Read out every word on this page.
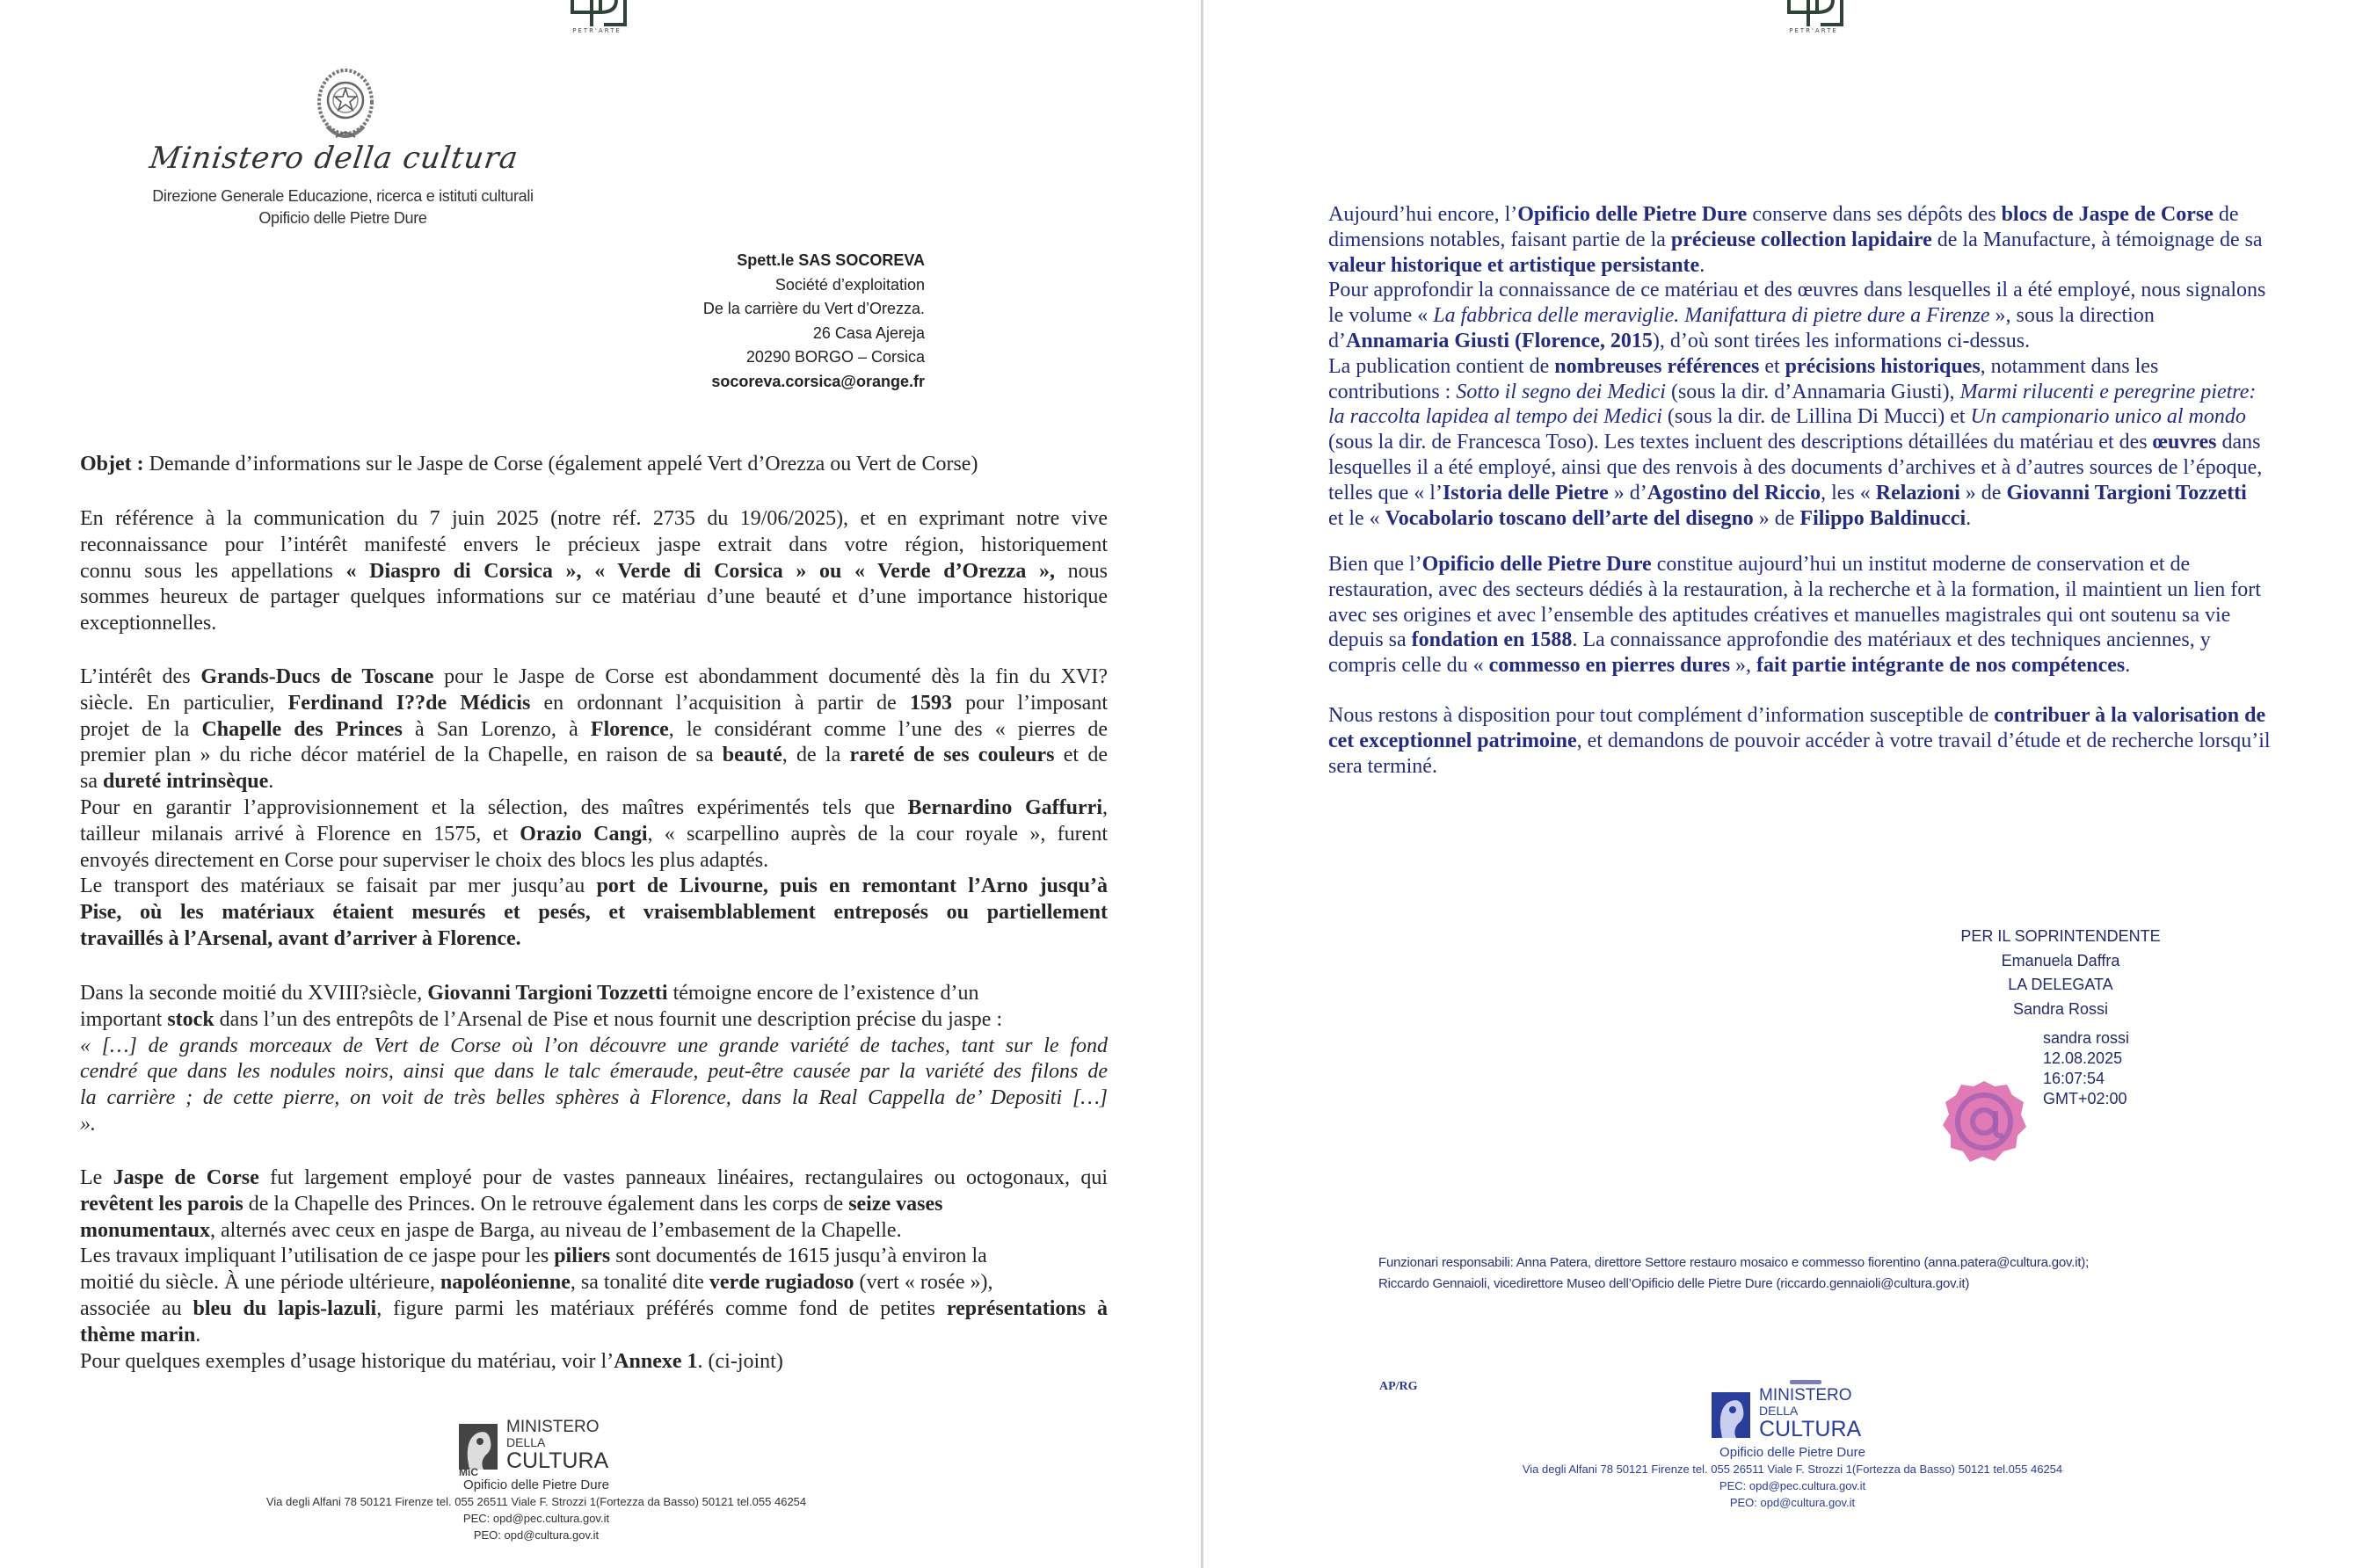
PETR'ARTE
Ministero della cultura
Direzione Generale Educazione, ricerca e istituti culturali
Opificio delle Pietre Dure
Spett.le SAS SOCOREVA
Société d’exploitation
De la carrière du Vert d’Orezza.
26 Casa Ajereja
20290 BORGO – Corsica
socoreva.corsica@orange.fr
Objet : Demande d’informations sur le Jaspe de Corse (également appelé Vert d’Orezza ou Vert de Corse)
En référence à la communication du 7 juin 2025 (notre réf. 2735 du 19/06/2025), et en exprimant notre vive
reconnaissance pour l’intérêt manifesté envers le précieux jaspe extrait dans votre région, historiquement
connu sous les appellations « Diaspro di Corsica », « Verde di Corsica » ou « Verde d’Orezza », nous
sommes heureux de partager quelques informations sur ce matériau d’une beauté et d’une importance historique
exceptionnelles.
L’intérêt des Grands-Ducs de Toscane pour le Jaspe de Corse est abondamment documenté dès la fin du XVI?
siècle. En particulier, Ferdinand I??de Médicis en ordonnant l’acquisition à partir de 1593 pour l’imposant
projet de la Chapelle des Princes à San Lorenzo, à Florence, le considérant comme l’une des « pierres de
premier plan » du riche décor matériel de la Chapelle, en raison de sa beauté, de la rareté de ses couleurs et de
sa dureté intrinsèque.
Pour en garantir l’approvisionnement et la sélection, des maîtres expérimentés tels que Bernardino Gaffurri,
tailleur milanais arrivé à Florence en 1575, et Orazio Cangi, « scarpellino auprès de la cour royale », furent
envoyés directement en Corse pour superviser le choix des blocs les plus adaptés.
Le transport des matériaux se faisait par mer jusqu’au port de Livourne, puis en remontant l’Arno jusqu’à
Pise, où les matériaux étaient mesurés et pesés, et vraisemblablement entreposés ou partiellement
travaillés à l’Arsenal, avant d’arriver à Florence.
Dans la seconde moitié du XVIII?siècle, Giovanni Targioni Tozzetti témoigne encore de l’existence d’un
important stock dans l’un des entrepôts de l’Arsenal de Pise et nous fournit une description précise du jaspe :
« […] de grands morceaux de Vert de Corse où l’on découvre une grande variété de taches, tant sur le fond
cendré que dans les nodules noirs, ainsi que dans le talc émeraude, peut-être causée par la variété des filons de
la carrière ; de cette pierre, on voit de très belles sphères à Florence, dans la Real Cappella de’ Depositi […]
».
Le Jaspe de Corse fut largement employé pour de vastes panneaux linéaires, rectangulaires ou octogonaux, qui
revêtent les parois de la Chapelle des Princes. On le retrouve également dans les corps de seize vases
monumentaux, alternés avec ceux en jaspe de Barga, au niveau de l’embasement de la Chapelle.
Les travaux impliquant l’utilisation de ce jaspe pour les piliers sont documentés de 1615 jusqu’à environ la
moitié du siècle. À une période ultérieure, napoléonienne, sa tonalité dite verde rugiadoso (vert « rosée »),
associée au bleu du lapis-lazuli, figure parmi les matériaux préférés comme fond de petites représentations à
thème marin.
Pour quelques exemples d’usage historique du matériau, voir l’Annexe 1. (ci-joint)
MiC
MINISTERO
DELLA
CULTURA
Opificio delle Pietre Dure
Via degli Alfani 78 50121 Firenze tel. 055 26511 Viale F. Strozzi 1(Fortezza da Basso) 50121 tel.055 46254
PEC: opd@pec.cultura.gov.it
PEO: opd@cultura.gov.it
PETR'ARTE
Aujourd’hui encore, l’Opificio delle Pietre Dure conserve dans ses dépôts des blocs de Jaspe de Corse de
dimensions notables, faisant partie de la précieuse collection lapidaire de la Manufacture, à témoignage de sa
valeur historique et artistique persistante.
Pour approfondir la connaissance de ce matériau et des œuvres dans lesquelles il a été employé, nous signalons
le volume « La fabbrica delle meraviglie. Manifattura di pietre dure a Firenze », sous la direction
d’Annamaria Giusti (Florence, 2015), d’où sont tirées les informations ci-dessus.
La publication contient de nombreuses références et précisions historiques, notamment dans les
contributions : Sotto il segno dei Medici (sous la dir. d’Annamaria Giusti), Marmi rilucenti e peregrine pietre:
la raccolta lapidea al tempo dei Medici (sous la dir. de Lillina Di Mucci) et Un campionario unico al mondo
(sous la dir. de Francesca Toso). Les textes incluent des descriptions détaillées du matériau et des œuvres dans
lesquelles il a été employé, ainsi que des renvois à des documents d’archives et à d’autres sources de l’époque,
telles que « l’Istoria delle Pietre » d’Agostino del Riccio, les « Relazioni » de Giovanni Targioni Tozzetti
et le « Vocabolario toscano dell’arte del disegno » de Filippo Baldinucci.
Bien que l’Opificio delle Pietre Dure constitue aujourd’hui un institut moderne de conservation et de
restauration, avec des secteurs dédiés à la restauration, à la recherche et à la formation, il maintient un lien fort
avec ses origines et avec l’ensemble des aptitudes créatives et manuelles magistrales qui ont soutenu sa vie
depuis sa fondation en 1588. La connaissance approfondie des matériaux et des techniques anciennes, y
compris celle du « commesso en pierres dures », fait partie intégrante de nos compétences.
Nous restons à disposition pour tout complément d’information susceptible de contribuer à la valorisation de
cet exceptionnel patrimoine, et demandons de pouvoir accéder à votre travail d’étude et de recherche lorsqu’il
sera terminé.
PER IL SOPRINTENDENTE
Emanuela Daffra
LA DELEGATA
Sandra Rossi
sandra rossi
12.08.2025
16:07:54
GMT+02:00
Funzionari responsabili: Anna Patera, direttore Settore restauro mosaico e commesso fiorentino (anna.patera@cultura.gov.it);
Riccardo Gennaioli, vicedirettore Museo dell’Opificio delle Pietre Dure (riccardo.gennaioli@cultura.gov.it)
AP/RG	MINISTERO
DELLA
CULTURA
Opificio delle Pietre Dure
Via degli Alfani 78 50121 Firenze tel. 055 26511 Viale F. Strozzi 1(Fortezza da Basso) 50121 tel.055 46254
PEC: opd@pec.cultura.gov.it
PEO: opd@cultura.gov.it
